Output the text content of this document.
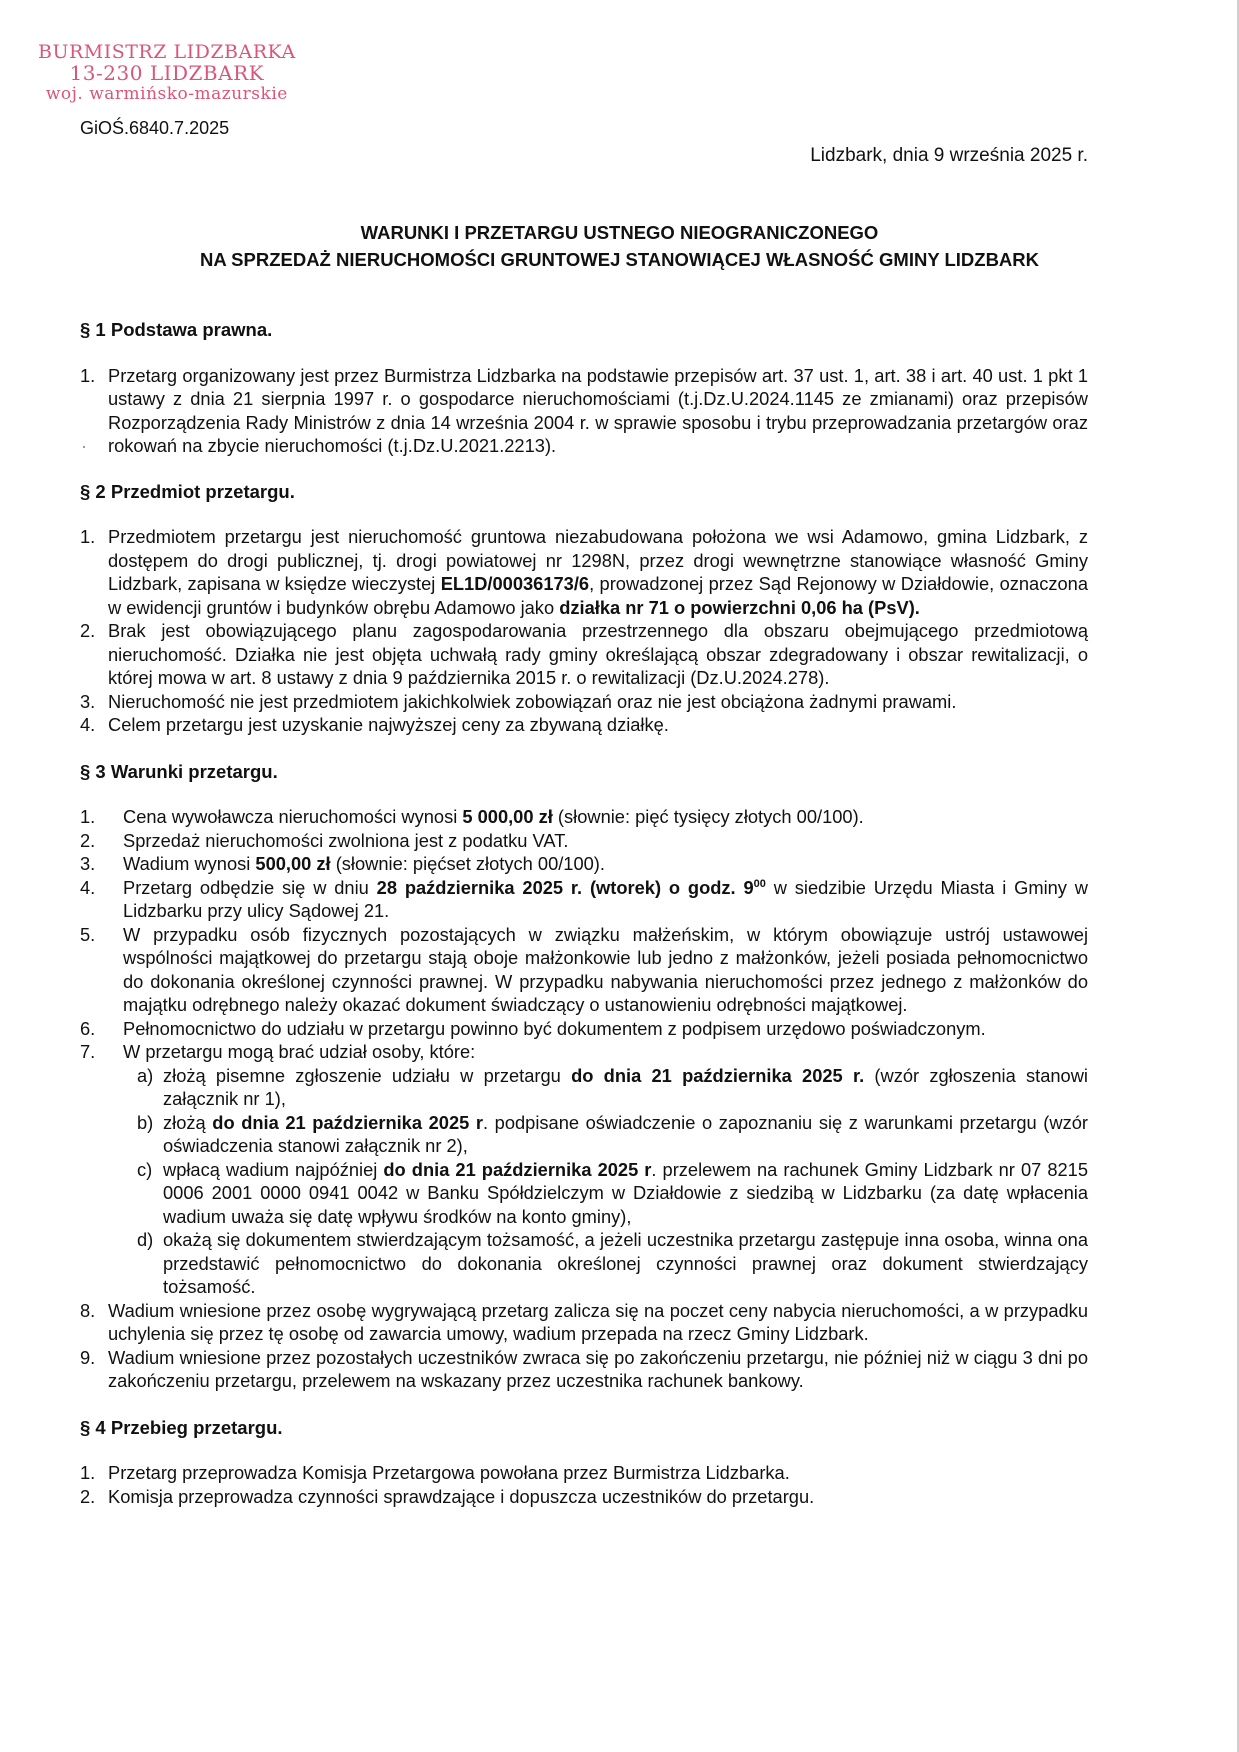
BURMISTRZ LIDZBARKA
13-230 LIDZBARK
woj. warmińsko-mazurskie
GiOŚ.6840.7.2025
Lidzbark, dnia 9 września 2025 r.
WARUNKI I PRZETARGU USTNEGO NIEOGRANICZONEGO
NA SPRZEDAŻ NIERUCHOMOŚCI GRUNTOWEJ STANOWIĄCEJ WŁASNOŚĆ GMINY LIDZBARK
§ 1 Podstawa prawna.
1. Przetarg organizowany jest przez Burmistrza Lidzbarka na podstawie przepisów art. 37 ust. 1, art. 38 i art. 40 ust. 1 pkt 1 ustawy z dnia 21 sierpnia 1997 r. o gospodarce nieruchomościami (t.j.Dz.U.2024.1145 ze zmianami) oraz przepisów Rozporządzenia Rady Ministrów z dnia 14 września 2004 r. w sprawie sposobu i trybu przeprowadzania przetargów oraz rokowań na zbycie nieruchomości (t.j.Dz.U.2021.2213).
§ 2 Przedmiot przetargu.
1. Przedmiotem przetargu jest nieruchomość gruntowa niezabudowana położona we wsi Adamowo, gmina Lidzbark, z dostępem do drogi publicznej, tj. drogi powiatowej nr 1298N, przez drogi wewnętrzne stanowiące własność Gminy Lidzbark, zapisana w księdze wieczystej EL1D/00036173/6, prowadzonej przez Sąd Rejonowy w Działdowie, oznaczona w ewidencji gruntów i budynków obrębu Adamowo jako działka nr 71 o powierzchni 0,06 ha (PsV).
2. Brak jest obowiązującego planu zagospodarowania przestrzennego dla obszaru obejmującego przedmiotową nieruchomość. Działka nie jest objęta uchwałą rady gminy określającą obszar zdegradowany i obszar rewitalizacji, o której mowa w art. 8 ustawy z dnia 9 października 2015 r. o rewitalizacji (Dz.U.2024.278).
3. Nieruchomość nie jest przedmiotem jakichkolwiek zobowiązań oraz nie jest obciążona żadnymi prawami.
4. Celem przetargu jest uzyskanie najwyższej ceny za zbywaną działkę.
§ 3 Warunki przetargu.
1. Cena wywoławcza nieruchomości wynosi 5 000,00 zł (słownie: pięć tysięcy złotych 00/100).
2. Sprzedaż nieruchomości zwolniona jest z podatku VAT.
3. Wadium wynosi 500,00 zł (słownie: pięćset złotych 00/100).
4. Przetarg odbędzie się w dniu 28 października 2025 r. (wtorek) o godz. $9^{00}$ w siedzibie Urzędu Miasta i Gminy w Lidzbarku przy ulicy Sądowej 21.
5. W przypadku osób fizycznych pozostających w związku małżeńskim, w którym obowiązuje ustrój ustawowej wspólności majątkowej do przetargu stają oboje małżonkowie lub jedno z małżonków, jeżeli posiada pełnomocnictwo do dokonania określonej czynności prawnej. W przypadku nabywania nieruchomości przez jednego z małżonków do majątku odrębnego należy okazać dokument świadczący o ustanowieniu odrębności majątkowej.
6. Pełnomocnictwo do udziału w przetargu powinno być dokumentem z podpisem urzędowo poświadczonym.
7. W przetargu mogą brać udział osoby, które:
a) złożą pisemne zgłoszenie udziału w przetargu do dnia 21 października 2025 r. (wzór zgłoszenia stanowi załącznik nr 1),
b) złożą do dnia 21 października 2025 r. podpisane oświadczenie o zapoznaniu się z warunkami przetargu (wzór oświadczenia stanowi załącznik nr 2),
c) wpłacą wadium najpóźniej do dnia 21 października 2025 r. przelewem na rachunek Gminy Lidzbark nr 07 8215 0006 2001 0000 0941 0042 w Banku Spółdzielczym w Działdowie z siedzibą w Lidzbarku (za datę wpłacenia wadium uważa się datę wpływu środków na konto gminy),
d) okażą się dokumentem stwierdzającym tożsamość, a jeżeli uczestnika przetargu zastępuje inna osoba, winna ona przedstawić pełnomocnictwo do dokonania określonej czynności prawnej oraz dokument stwierdzający tożsamość.
8. Wadium wniesione przez osobę wygrywającą przetarg zalicza się na poczet ceny nabycia nieruchomości, a w przypadku uchylenia się przez tę osobę od zawarcia umowy, wadium przepada na rzecz Gminy Lidzbark.
9. Wadium wniesione przez pozostałych uczestników zwraca się po zakończeniu przetargu, nie później niż w ciągu 3 dni po zakończeniu przetargu, przelewem na wskazany przez uczestnika rachunek bankowy.
§ 4 Przebieg przetargu.
1. Przetarg przeprowadza Komisja Przetargowa powołana przez Burmistrza Lidzbarka.
2. Komisja przeprowadza czynności sprawdzające i dopuszcza uczestników do przetargu.
